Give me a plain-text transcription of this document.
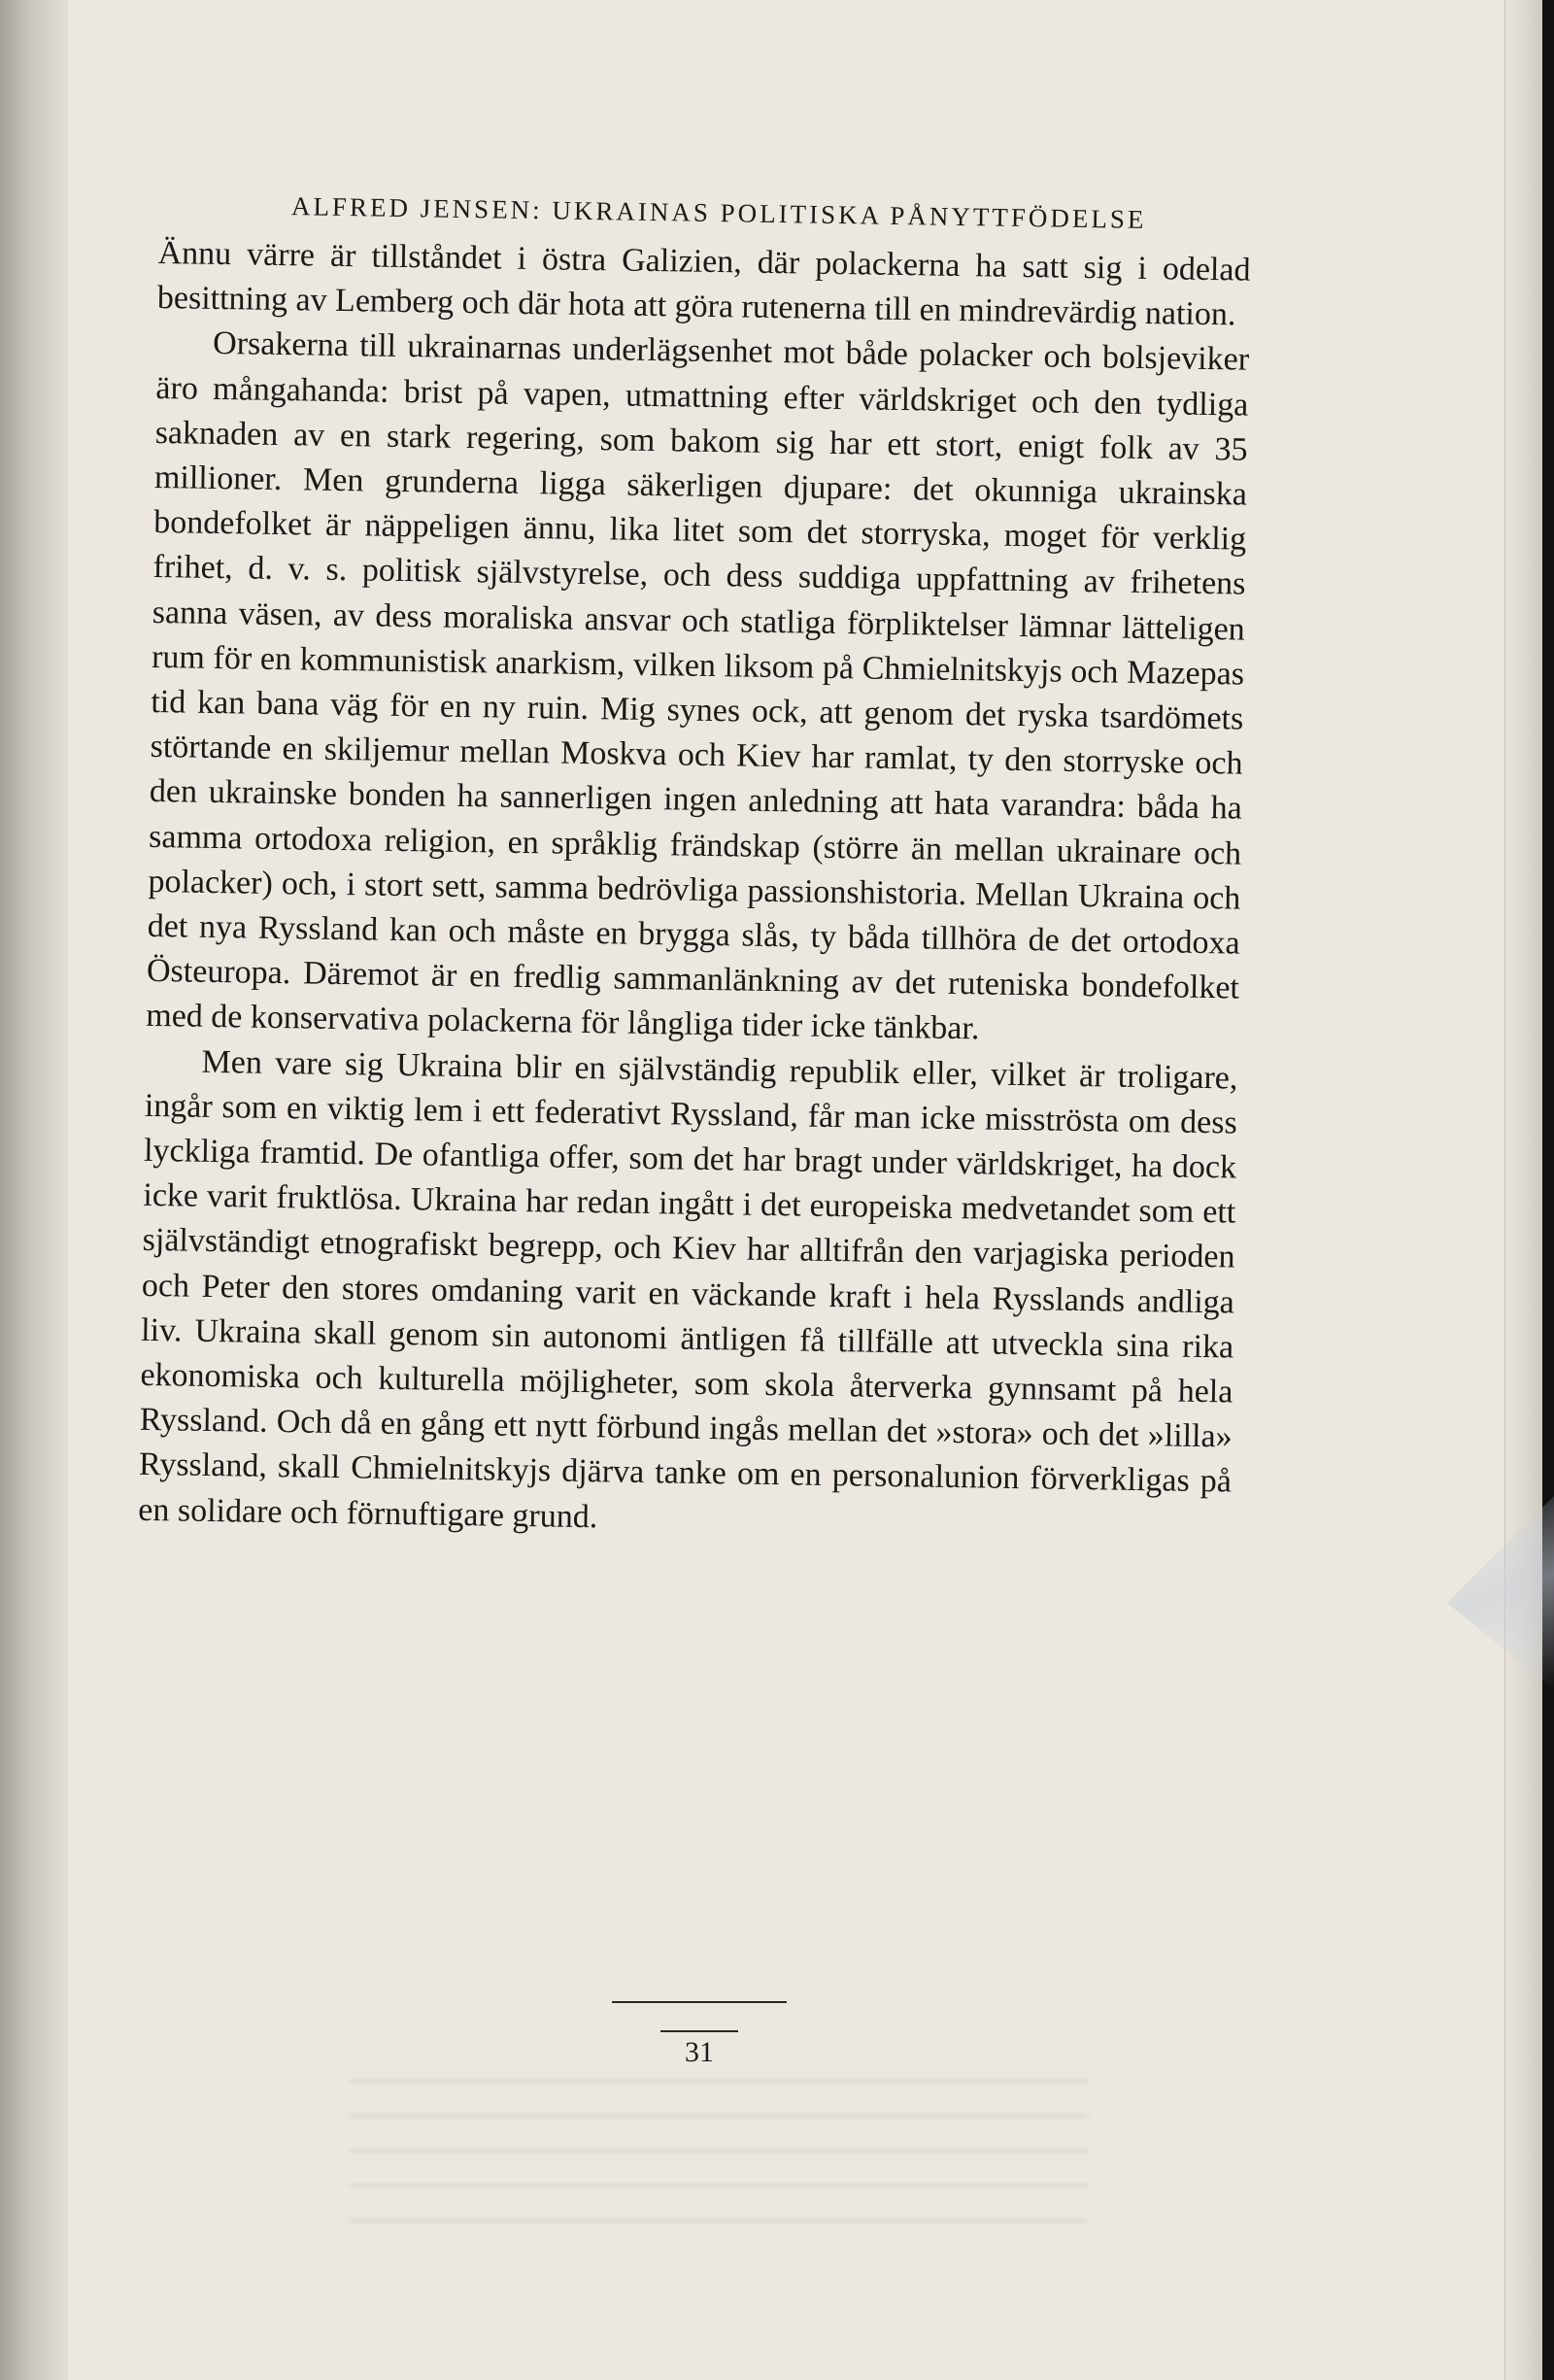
ALFRED JENSEN: UKRAINAS POLITISKA PÅNYTTFÖDELSE

Ännu värre är tillståndet i östra Galizien, där polackerna ha satt sig i odelad besittning av Lemberg och där hota att göra rutenerna till en mindrevärdig nation.

Orsakerna till ukrainarnas underlägsenhet mot både polacker och bolsjeviker äro mångahanda: brist på vapen, utmattning efter världskriget och den tydliga saknaden av en stark regering, som bakom sig har ett stort, enigt folk av 35 millioner. Men grunderna ligga säkerligen djupare: det okunniga ukrainska bondefolket är näppeligen ännu, lika litet som det storryska, moget för verklig frihet, d. v. s. politisk självstyrelse, och dess suddiga uppfattning av frihetens sanna väsen, av dess moraliska ansvar och statliga förpliktelser lämnar lätteligen rum för en kommunistisk anarkism, vilken liksom på Chmielnitskyjs och Mazepas tid kan bana väg för en ny ruin. Mig synes ock, att genom det ryska tsardömets störtande en skiljemur mellan Moskva och Kiev har ramlat, ty den storryske och den ukrainske bonden ha sannerligen ingen anledning att hata varandra: båda ha samma ortodoxa religion, en språklig frändskap (större än mellan ukrainare och polacker) och, i stort sett, samma bedrövliga passionshistoria. Mellan Ukraina och det nya Ryssland kan och måste en brygga slås, ty båda tillhöra de det ortodoxa Östeuropa. Däremot är en fredlig sammanlänkning av det ruteniska bondefolket med de konservativa polackerna för långliga tider icke tänkbar.

Men vare sig Ukraina blir en självständig republik eller, vilket är troligare, ingår som en viktig lem i ett federativt Ryssland, får man icke misströsta om dess lyckliga framtid. De ofantliga offer, som det har bragt under världskriget, ha dock icke varit fruktlösa. Ukraina har redan ingått i det europeiska medvetandet som ett självständigt etnografiskt begrepp, och Kiev har alltifrån den varjagiska perioden och Peter den stores omdaning varit en väckande kraft i hela Rysslands andliga liv. Ukraina skall genom sin autonomi äntligen få tillfälle att utveckla sina rika ekonomiska och kulturella möjligheter, som skola återverka gynnsamt på hela Ryssland. Och då en gång ett nytt förbund ingås mellan det »stora» och det »lilla» Ryssland, skall Chmielnitskyjs djärva tanke om en personalunion förverkligas på en solidare och förnuftigare grund.

31
